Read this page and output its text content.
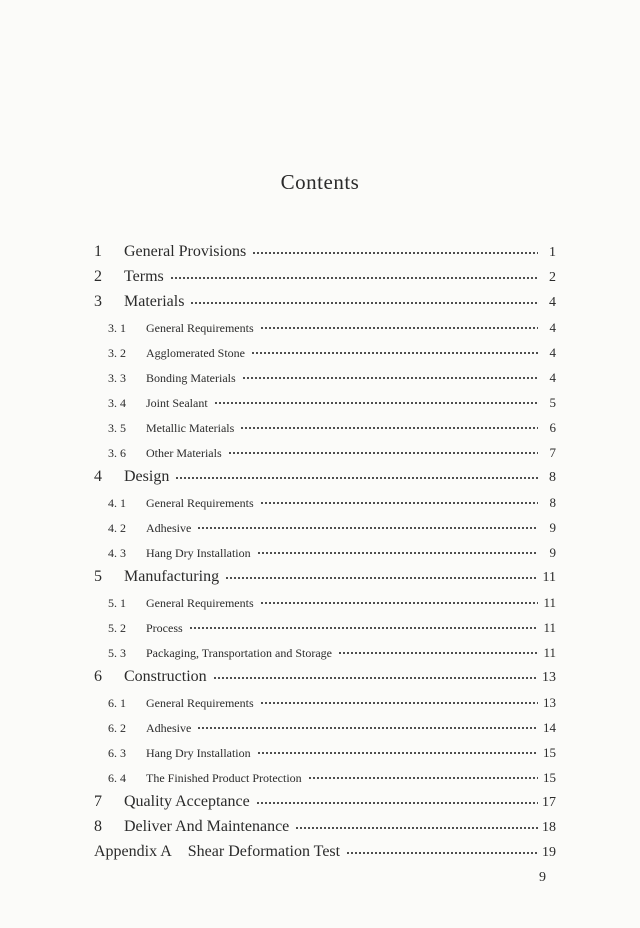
Contents
1	General Provisions	1
2	Terms	2
3	Materials	4
3. 1	General Requirements	4
3. 2	Agglomerated Stone	4
3. 3	Bonding Materials	4
3. 4	Joint Sealant	5
3. 5	Metallic Materials	6
3. 6	Other Materials	7
4	Design	8
4. 1	General Requirements	8
4. 2	Adhesive	9
4. 3	Hang Dry Installation	9
5	Manufacturing	11
5. 1	General Requirements	11
5. 2	Process	11
5. 3	Packaging, Transportation and Storage	11
6	Construction	13
6. 1	General Requirements	13
6. 2	Adhesive	14
6. 3	Hang Dry Installation	15
6. 4	The Finished Product Protection	15
7	Quality Acceptance	17
8	Deliver And Maintenance	18
Appendix A Shear Deformation Test	19
9
